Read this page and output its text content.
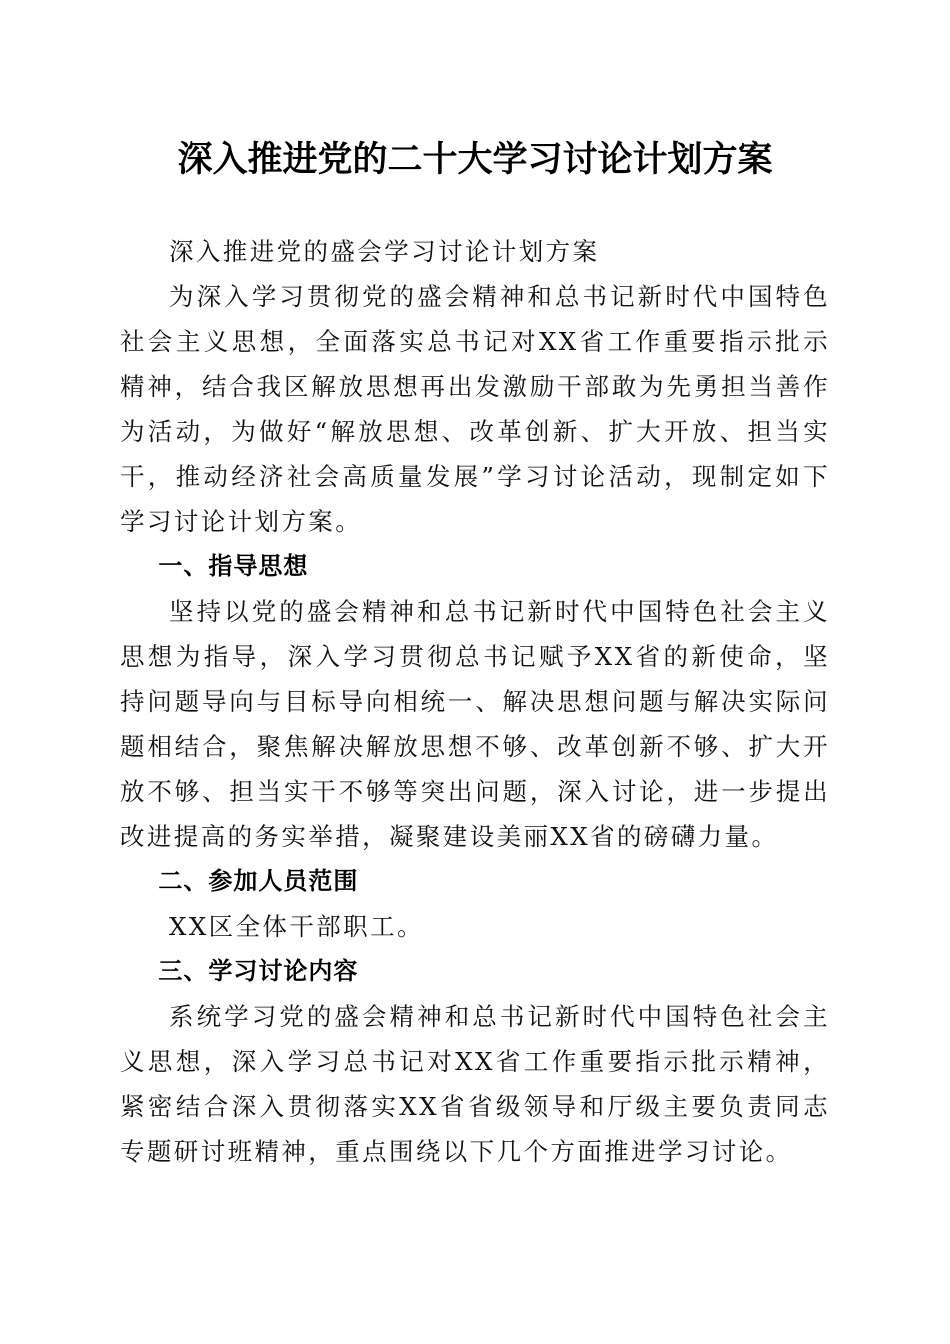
深入推进党的二十大学习讨论计划方案

深入推进党的盛会学习讨论计划方案

为深入学习贯彻党的盛会精神和总书记新时代中国特色社会主义思想，全面落实总书记对XX省工作重要指示批示精神，结合我区解放思想再出发激励干部敢为先勇担当善作为活动，为做好“解放思想、改革创新、扩大开放、担当实干，推动经济社会高质量发展”学习讨论活动，现制定如下学习讨论计划方案。

一、指导思想

坚持以党的盛会精神和总书记新时代中国特色社会主义思想为指导，深入学习贯彻总书记赋予XX省的新使命，坚持问题导向与目标导向相统一、解决思想问题与解决实际问题相结合，聚焦解决解放思想不够、改革创新不够、扩大开放不够、担当实干不够等突出问题，深入讨论，进一步提出改进提高的务实举措，凝聚建设美丽XX省的磅礴力量。

二、参加人员范围

XX区全体干部职工。

三、学习讨论内容

系统学习党的盛会精神和总书记新时代中国特色社会主义思想，深入学习总书记对XX省工作重要指示批示精神，紧密结合深入贯彻落实XX省省级领导和厅级主要负责同志专题研讨班精神，重点围绕以下几个方面推进学习讨论。
